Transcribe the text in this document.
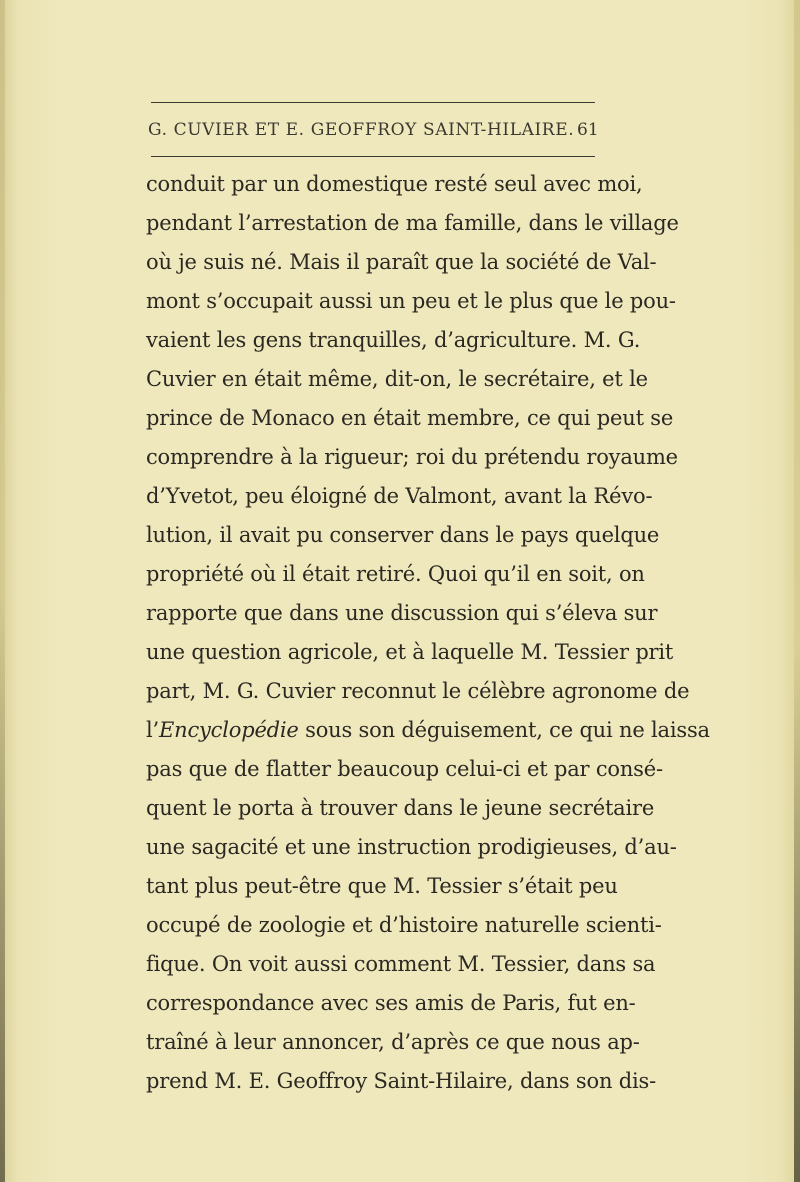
G. CUVIER ET E. GEOFFROY SAINT-HILAIRE. 61
conduit par un domestique resté seul avec moi,
pendant l’arrestation de ma famille, dans le village
où je suis né. Mais il paraît que la société de Val-
mont s’occupait aussi un peu et le plus que le pou-
vaient les gens tranquilles, d’agriculture. M. G.
Cuvier en était même, dit-on, le secrétaire, et le
prince de Monaco en était membre, ce qui peut se
comprendre à la rigueur; roi du prétendu royaume
d’Yvetot, peu éloigné de Valmont, avant la Révo-
lution, il avait pu conserver dans le pays quelque
propriété où il était retiré. Quoi qu’il en soit, on
rapporte que dans une discussion qui s’éleva sur
une question agricole, et à laquelle M. Tessier prit
part, M. G. Cuvier reconnut le célèbre agronome de
l’Encyclopédie sous son déguisement, ce qui ne laissa
pas que de flatter beaucoup celui-ci et par consé-
quent le porta à trouver dans le jeune secrétaire
une sagacité et une instruction prodigieuses, d’au-
tant plus peut-être que M. Tessier s’était peu
occupé de zoologie et d’histoire naturelle scienti-
fique. On voit aussi comment M. Tessier, dans sa
correspondance avec ses amis de Paris, fut en-
traîné à leur annoncer, d’après ce que nous ap-
prend M. E. Geoffroy Saint-Hilaire, dans son dis-
